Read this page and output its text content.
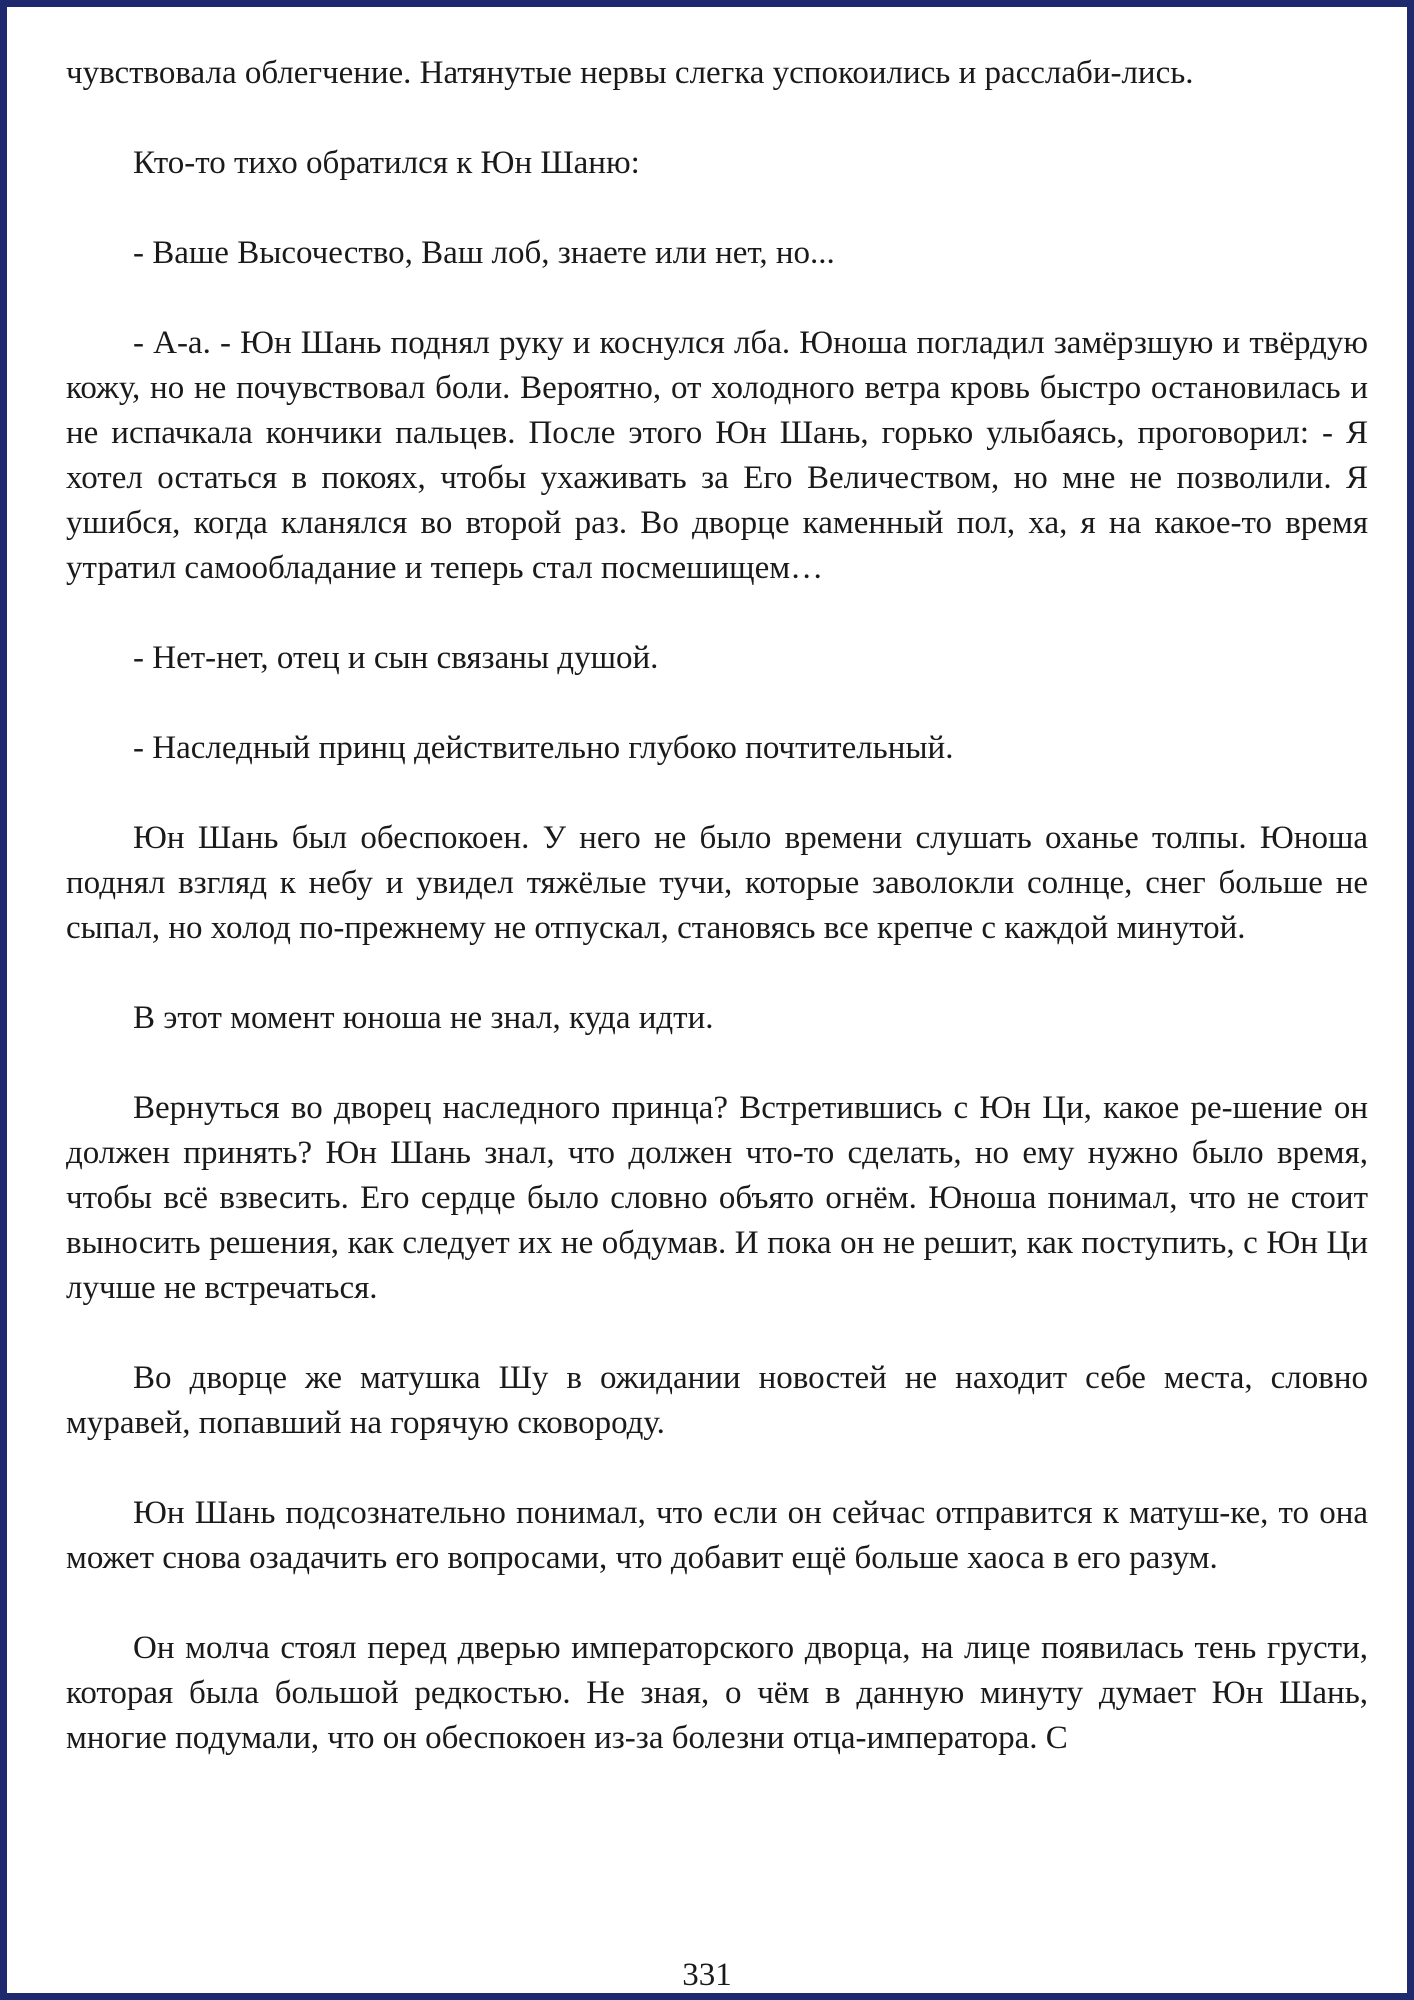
чувствовала облегчение. Натянутые нервы слегка успокоились и расслаби-лись.

Кто-то тихо обратился к Юн Шаню:

- Ваше Высочество, Ваш лоб, знаете или нет, но...

- А-а. - Юн Шань поднял руку и коснулся лба. Юноша погладил замёрзшую и твёрдую кожу, но не почувствовал боли. Вероятно, от холодного ветра кровь быстро остановилась и не испачкала кончики пальцев. После этого Юн Шань, горько улыбаясь, проговорил: - Я хотел остаться в покоях, чтобы ухаживать за Его Величеством, но мне не позволили. Я ушибся, когда кланялся во второй раз. Во дворце каменный пол, ха, я на какое-то время утратил самообладание и теперь стал посмешищем…

- Нет-нет, отец и сын связаны душой.

- Наследный принц действительно глубоко почтительный.

Юн Шань был обеспокоен. У него не было времени слушать оханье толпы. Юноша поднял взгляд к небу и увидел тяжёлые тучи, которые заволокли солнце, снег больше не сыпал, но холод по-прежнему не отпускал, становясь все крепче с каждой минутой.

В этот момент юноша не знал, куда идти.

Вернуться во дворец наследного принца? Встретившись с Юн Ци, какое ре-шение он должен принять? Юн Шань знал, что должен что-то сделать, но ему нужно было время, чтобы всё взвесить. Его сердце было словно объято огнём. Юноша понимал, что не стоит выносить решения, как следует их не обдумав. И пока он не решит, как поступить, с Юн Ци лучше не встречаться.

Во дворце же матушка Шу в ожидании новостей не находит себе места, словно муравей, попавший на горячую сковороду.

Юн Шань подсознательно понимал, что если он сейчас отправится к матуш-ке, то она может снова озадачить его вопросами, что добавит ещё больше хаоса в его разум.

Он молча стоял перед дверью императорского дворца, на лице появилась тень грусти, которая была большой редкостью. Не зная, о чём в данную минуту думает Юн Шань, многие подумали, что он обеспокоен из-за болезни отца-императора. С

331
